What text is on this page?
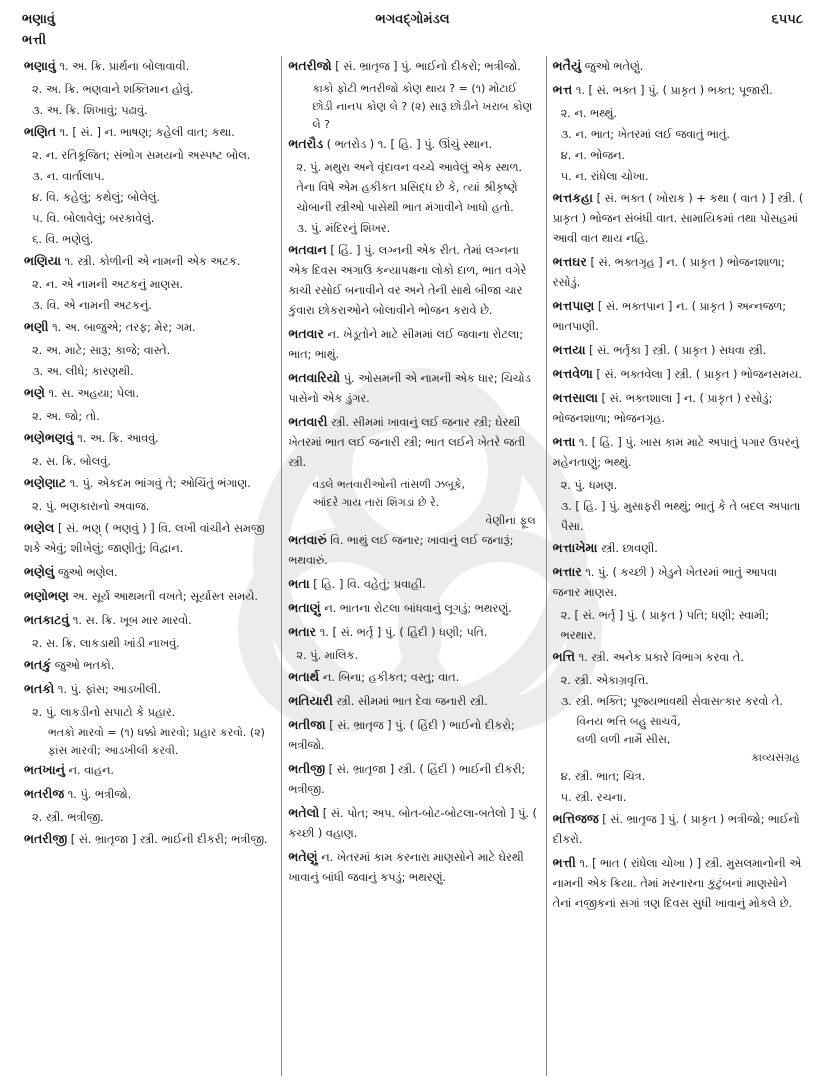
ભણાવું
ભત્તી
ભગવદ્ગોમંડલ	૬૫૫૮
ભણાવું ૧. અ. ક્રિ. પ્રાર્થના બોલાવાવી.
૨. અ. ક્રિ. ભણવાને શક્તિમાન હોવું.
૩. અ. ક્રિ. શિખાવું; પઢાવું.
ભણિત ૧. [ સં. ] ન. ભાષણ; કહેલી વાત; કથા.
૨. ન. રતિકૂજિત; સંભોગ સમયનો અસ્પષ્ટ બોલ.
૩. ન. વાર્તાલાપ.
૪. વિ. કહેલું; કથેલું; બોલેલું.
૫. વિ. બોલાવેલું; બરકાવેલું.
૬. વિ. ભણેલું.
ભણિયા ૧. સ્ત્રી. કોળીની એ નામની એક અટક.
૨. ન. એ નામની અટકનું માણસ.
૩. વિ. એ નામની અટકનું.
ભણી ૧. અ. બાજુએ; તરફ; મેર; ગમ.
૨. અ. માટે; સારૂ; કાજે; વાસ્તે.
૩. અ. લીધે; કારણથી.
ભણે ૧. સ. અહયા; પેલા.
૨. અ. જો; તો.
ભણેભણવું ૧. અ. ક્રિ. આવવું.
૨. સ. ક્રિ. બોલવું.
ભણેણાટ ૧. પું. એકદમ ભાંગવું તે; ઓચિંતું ભંગાણ.
૨. પું. ભણકારાનો અવાજ.
ભણેલ [ સં. ભણ્ ( ભણવું ) ] વિ. લખી વાંચીને સમજી શકે એવું; શીખેલું; જાણીતું; વિદ્વાન.
ભણેલું જુઓ ભણેલ.
ભણોભણ અ. સૂર્ય આથમતી વખતે; સૂર્યાસ્ત સમયે.
ભતકાટવું ૧. સ. ક્રિ. ખૂબ માર મારવો.
૨. સ. ક્રિ. લાકડાથી ખાંડી નાખવું.
ભતકું જુઓ ભતકો.
ભતકો ૧. પું. ફાંસ; આડખીલી.
૨. પું. લાકડીનો સપાટો કે પ્રહાર.
ભતકો મારવો = (૧) ધક્કો મારવો; પ્રહાર કરવો. (૨) ફાંસ મારવી; આડખીલી કરવી.
ભતખાનું ન. વાહન.
ભતરીજ ૧. પું. ભત્રીજો.
૨. સ્ત્રી. ભત્રીજી.
ભતરીજી [ સં. ભ્રાતૃજા ] સ્ત્રી. ભાઈની દીકરી; ભત્રીજી.
ભતરીજો [ સં. ભ્રાતૃજ ] પું. ભાઈનો દીકરો; ભત્રીજો.
કાકો ફોટી ભતરીજો કોણ થાય ? = (૧) મોટાઈ છોડી નાનપ કોણ લે ? (૨) સારૂં છોડીને ખરાબ કોણ લે ?
ભતરૌડ ( ભતરોડ ) ૧. [ હિ. ] પું. ઊંચું સ્થાન.
૨. પું. મથુરા અને વૃંદાવન વચ્ચે આવેલું એક સ્થળ. તેના વિષે એમ હકીકત પ્રસિદ્ધ છે કે, ત્યાં શ્રીકૃષ્ણે ચોબાની સ્ત્રીઓ પાસેથી ભાત મંગાવીને ખાધો હતો.
૩. પું. મંદિરનું શિખર.
ભતવાન [ હિં. ] પું. લગ્નની એક રીત. તેમાં લગ્નના એક દિવસ અગાઉ કન્યાપક્ષના લોકો દાળ, ભાત વગેરે કાચી રસોઈ બનાવીને વર અને તેની સાથે બીજા ચાર કુંવારા છોકરાઓને બોલાવીને ભોજન કરાવે છે.
ભતવાર ન. ખેડૂતોને માટે સીમમાં લઈ જવાના રોટલા; ભાત; ભાથું.
ભતવારિયો પું. ઓસમની એ નામની એક ધાર; ચિચોડ પાસેનો એક ડુંગર.
ભતવારી સ્ત્રી. સીમમાં ખાવાનું લઈ જનાર સ્ત્રી; ઘેરથી ખેતરમાં ભાત લઈ જનારી સ્ત્રી; ભાત લઈને ખેતરે જતી સ્ત્રી.
વડલે ભતવારીઓની તાંસળી ઝબૂકે,
ઑંદરે ગાય તારાં શિંગડાં છે રે.
વેણીનાં ફૂલ
ભતવારું વિ. ભાથું લઈ જનાર; ખાવાનું લઈ જનારૂં; ભથવારું.
ભતા [ હિ. ] વિ. વહેતું; પ્રવાહી.
ભતાણું ન. ભાતના રોટલા બાંધવાનું લૂગડું; ભથરણું.
ભતાર ૧. [ સં. ભર્તૃ ] પું. ( હિંદી ) ધણી; પતિ.
૨. પું. માલિક.
ભતાર્થ ન. બિના; હકીકત; વસ્તુ; વાત.
ભતિયારી સ્ત્રી. સીમમાં ભાત દેવા જનારી સ્ત્રી.
ભતીજા [ સં. ભ્રાતૃજ ] પું. ( હિંદી ) ભાઈનો દીકરો; ભત્રીજો.
ભતીજી [ સં. ભ્રાતૃજા ] સ્ત્રી. ( હિંદી ) ભાઈની દીકરી; ભત્રીજી.
ભતેલો [ સં. પોત; અપ. બોત-બોટ-બોટલા-બતેલો ] પું. ( કચ્છી ) વહાણ.
ભતેણું ન. ખેતરમાં કામ કરનારા માણસોને માટે ઘેરથી ખાવાનું બાંધી જવાનું કપડું; ભથરણું.
ભતૈયું જુઓ ભતેણું.
ભત્ત ૧. [ સં. ભક્ત ] પું. ( પ્રાકૃત ) ભક્ત; પૂજારી.
૨. ન. ભથ્થું.
૩. ન. ભાત; ખેતરમાં લઈ જવાતું ભાતું.
૪. ન. ભોજન.
૫. ન. રાંધેલા ચોખા.
ભત્તકહા [ સં. ભક્ત ( ખોરાક ) + કથા ( વાત ) ] સ્ત્રી. ( પ્રાકૃત ) ભોજન સંબંધી વાત. સામાયિકમાં તથા પોસહમાં આવી વાત થાય નહિ.
ભત્તઘર [ સં. ભક્તગૃહ ] ન. ( પ્રાકૃત ) ભોજનશાળા; રસોડું.
ભત્તપાણ [ સં. ભક્તપાન ] ન. ( પ્રાકૃત ) અન્નજળ; ભાતપાણી.
ભત્તયા [ સં. ભર્તૃકા ] સ્ત્રી. ( પ્રાકૃત ) સધવા સ્ત્રી.
ભત્તવેળા [ સં. ભક્તવેલા ] સ્ત્રી. ( પ્રાકૃત ) ભોજનસમય.
ભત્તસાલા [ સં. ભક્તશાલા ] ન. ( પ્રાકૃત ) રસોડું; ભોજનશાળા; ભોજનગૃહ.
ભત્તા ૧. [ હિં. ] પું. ખાસ કામ માટે અપાતું પગાર ઉપરનું મહેનતાણું; ભથ્થું.
૨. પું. ધમણ.
૩. [ હિ. ] પું. મુસાફરી ભથ્થું; ભાતું કે તે બદલ અપાતા પૈસા.
ભત્તાખેમા સ્ત્રી. છાવણી.
ભત્તાર ૧. પું. ( કચ્છી ) ખેડુને ખેતરમાં ભાતું આપવા જનાર માણસ.
૨. [ સં. ભર્તૃ ] પું. ( પ્રાકૃત ) પતિ; ધણી; સ્વામી; ભરથાર.
ભત્તિ ૧. સ્ત્રી. અનેક પ્રકારે વિભાગ કરવા તે.
૨. સ્ત્રી. એકાગ્રવૃત્તિ.
૩. સ્ત્રી. ભક્તિ; પૂજ્યભાવથી સેવાસત્કાર કરવો તે.
વિનય ભત્તિ બહુ સાચવૈં,
લળી લળી નામૈં સીસ,
કાવ્યસંગ્રહ
૪. સ્ત્રી. ભાત; ચિત્ર.
૫. સ્ત્રી. રચના.
ભત્તિજજ [ સં. ભ્રાતૃજ ] પું. ( પ્રાકૃત ) ભત્રીજો; ભાઈનો દીકરો.
ભત્તી ૧. [ ભાત ( રાંધેલા ચોખા ) ] સ્ત્રી. મુસલમાનોની એ નામની એક ક્રિયા. તેમાં મરનારના કુટુંબનાં માણસોને તેનાં નજીકનાં સગાં ત્રણ દિવસ સુધી ખાવાનું મોકલે છે.
